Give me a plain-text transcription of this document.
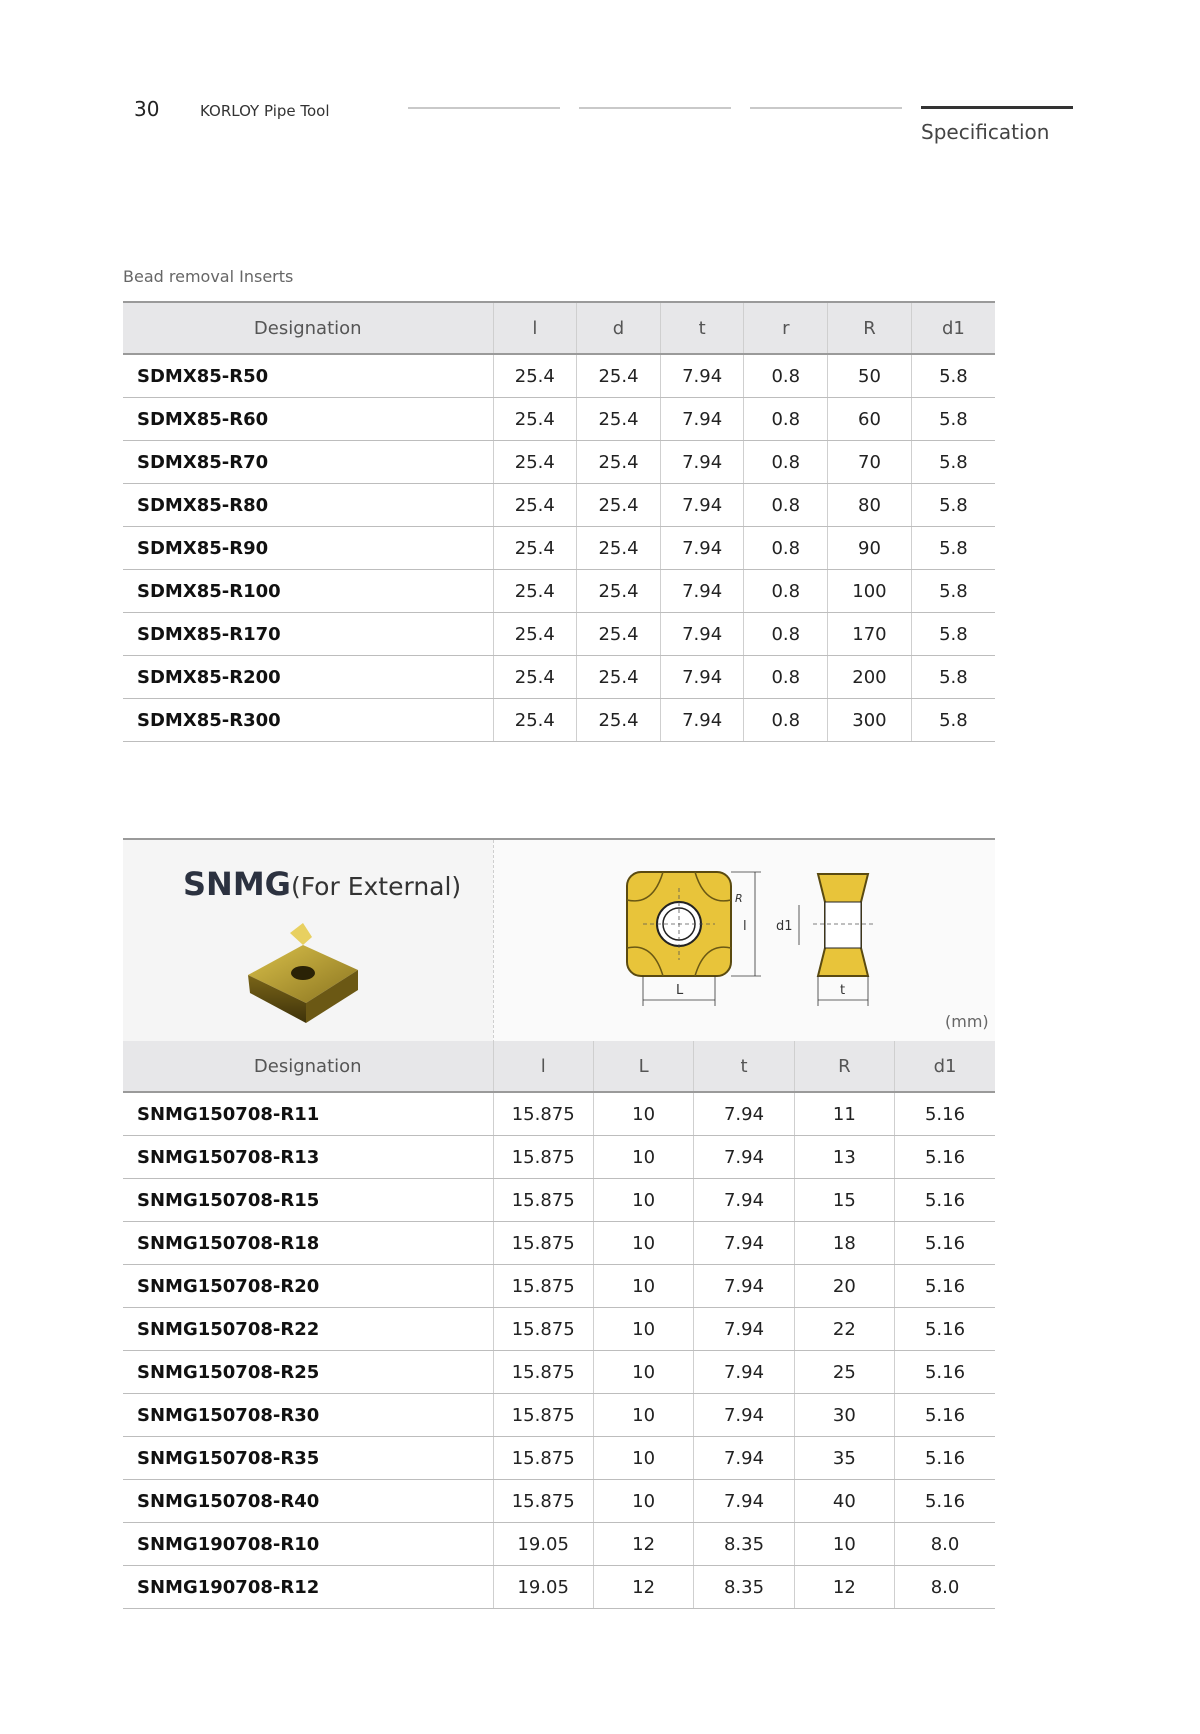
30	KORLOY Pipe Tool
Specification
Bead removal Inserts
Designation	l	d	t	r	R	d1
SDMX85-R50	25.4	25.4	7.94	0.8	50	5.8
SDMX85-R60	25.4	25.4	7.94	0.8	60	5.8
SDMX85-R70	25.4	25.4	7.94	0.8	70	5.8
SDMX85-R80	25.4	25.4	7.94	0.8	80	5.8
SDMX85-R90	25.4	25.4	7.94	0.8	90	5.8
SDMX85-R100	25.4	25.4	7.94	0.8	100	5.8
SDMX85-R170	25.4	25.4	7.94	0.8	170	5.8
SDMX85-R200	25.4	25.4	7.94	0.8	200	5.8
SDMX85-R300	25.4	25.4	7.94	0.8	300	5.8
SNMG(For External)
l
R
L
d1
t
(mm)
Designation	l	L	t	R	d1
SNMG150708-R11	15.875	10	7.94	11	5.16
SNMG150708-R13	15.875	10	7.94	13	5.16
SNMG150708-R15	15.875	10	7.94	15	5.16
SNMG150708-R18	15.875	10	7.94	18	5.16
SNMG150708-R20	15.875	10	7.94	20	5.16
SNMG150708-R22	15.875	10	7.94	22	5.16
SNMG150708-R25	15.875	10	7.94	25	5.16
SNMG150708-R30	15.875	10	7.94	30	5.16
SNMG150708-R35	15.875	10	7.94	35	5.16
SNMG150708-R40	15.875	10	7.94	40	5.16
SNMG190708-R10	19.05	12	8.35	10	8.0
SNMG190708-R12	19.05	12	8.35	12	8.0
